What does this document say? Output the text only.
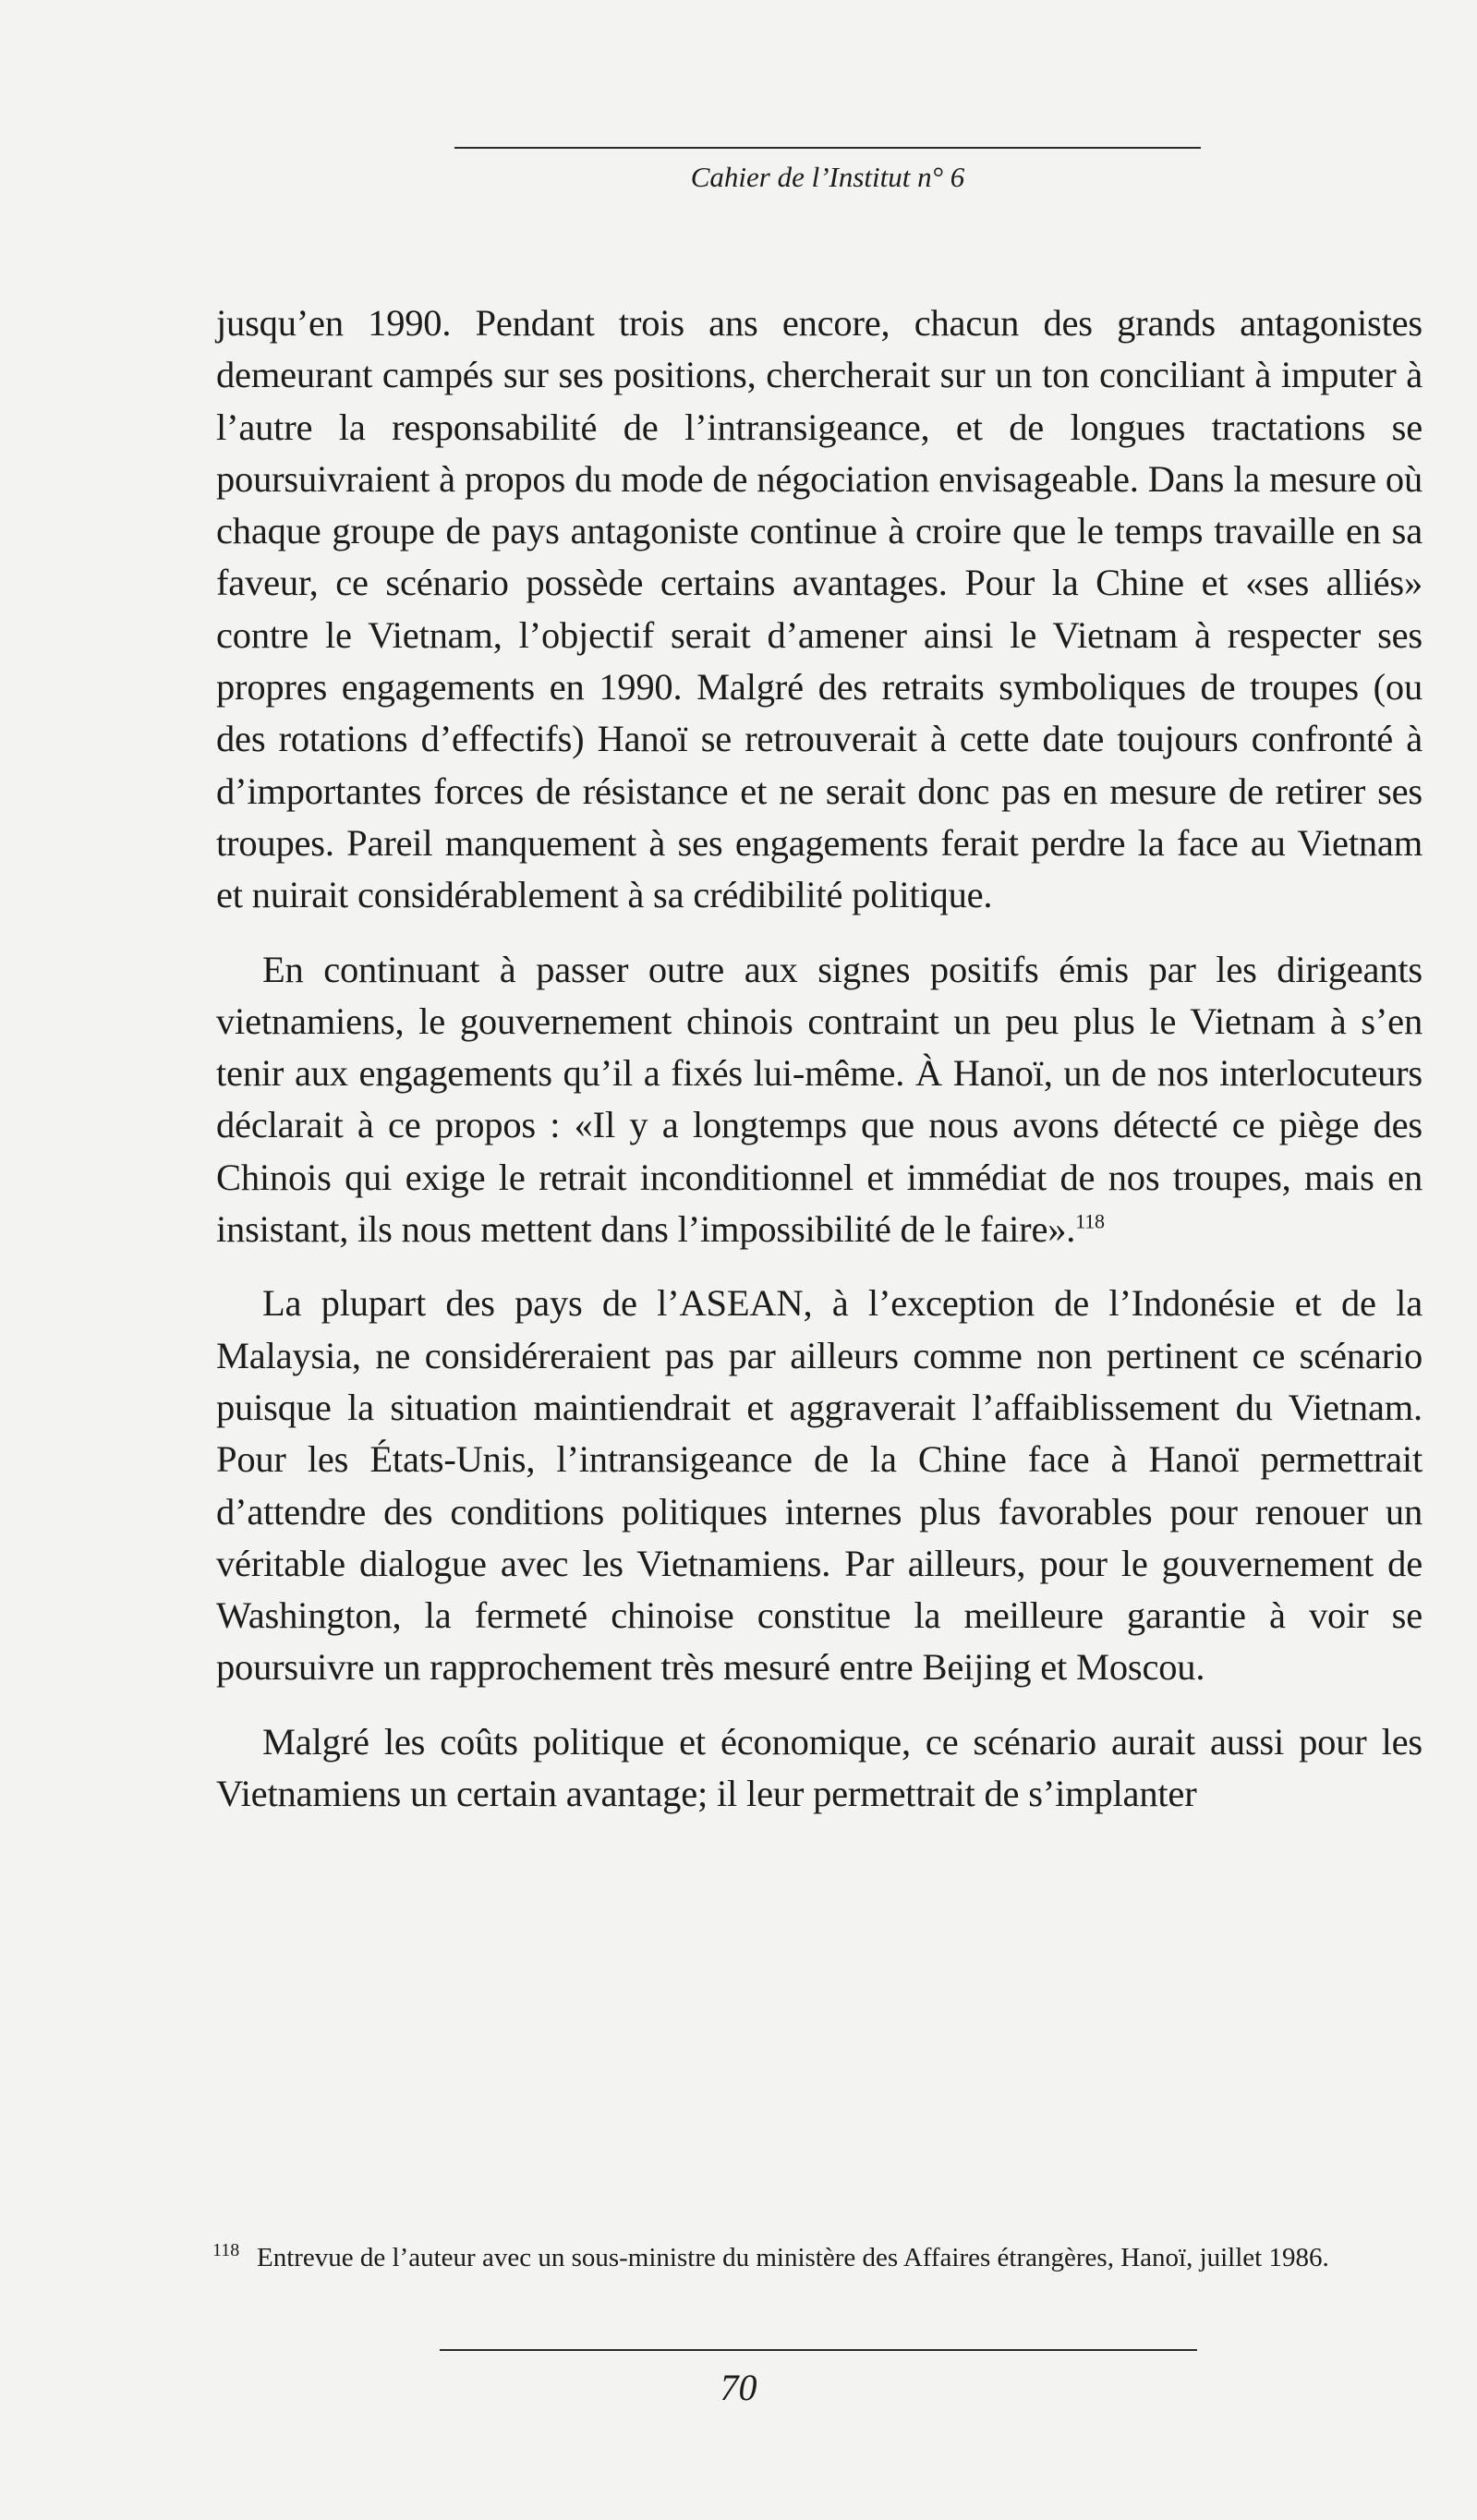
Cahier de l’Institut n° 6

jusqu’en 1990. Pendant trois ans encore, chacun des grands antagonistes demeurant campés sur ses positions, chercherait sur un ton conciliant à imputer à l’autre la responsabilité de l’intransigeance, et de longues tractations se poursuivraient à propos du mode de négociation envisageable. Dans la mesure où chaque groupe de pays antagoniste continue à croire que le temps travaille en sa faveur, ce scénario possède certains avantages. Pour la Chine et «ses alliés» contre le Vietnam, l’objectif serait d’amener ainsi le Vietnam à respecter ses propres engagements en 1990. Malgré des retraits symboliques de troupes (ou des rotations d’effectifs) Hanoï se retrouverait à cette date toujours confronté à d’importantes forces de résistance et ne serait donc pas en mesure de retirer ses troupes. Pareil manquement à ses engagements ferait perdre la face au Vietnam et nuirait considérablement à sa crédibilité politique.

En continuant à passer outre aux signes positifs émis par les dirigeants vietnamiens, le gouvernement chinois contraint un peu plus le Vietnam à s’en tenir aux engagements qu’il a fixés lui-même. À Hanoï, un de nos interlocuteurs déclarait à ce propos : «Il y a longtemps que nous avons détecté ce piège des Chinois qui exige le retrait inconditionnel et immédiat de nos troupes, mais en insistant, ils nous mettent dans l’impossibilité de le faire».$^{118}$

La plupart des pays de l’ASEAN, à l’exception de l’Indonésie et de la Malaysia, ne considéreraient pas par ailleurs comme non pertinent ce scénario puisque la situation maintiendrait et aggraverait l’affaiblissement du Vietnam. Pour les États-Unis, l’intransigeance de la Chine face à Hanoï permettrait d’attendre des conditions politiques internes plus favorables pour renouer un véritable dialogue avec les Vietnamiens. Par ailleurs, pour le gouvernement de Washington, la fermeté chinoise constitue la meilleure garantie à voir se poursuivre un rapprochement très mesuré entre Beijing et Moscou.

Malgré les coûts politique et économique, ce scénario aurait aussi pour les Vietnamiens un certain avantage; il leur permettrait de s’implanter

118 Entrevue de l’auteur avec un sous-ministre du ministère des Affaires étrangères, Hanoï, juillet 1986.
70
